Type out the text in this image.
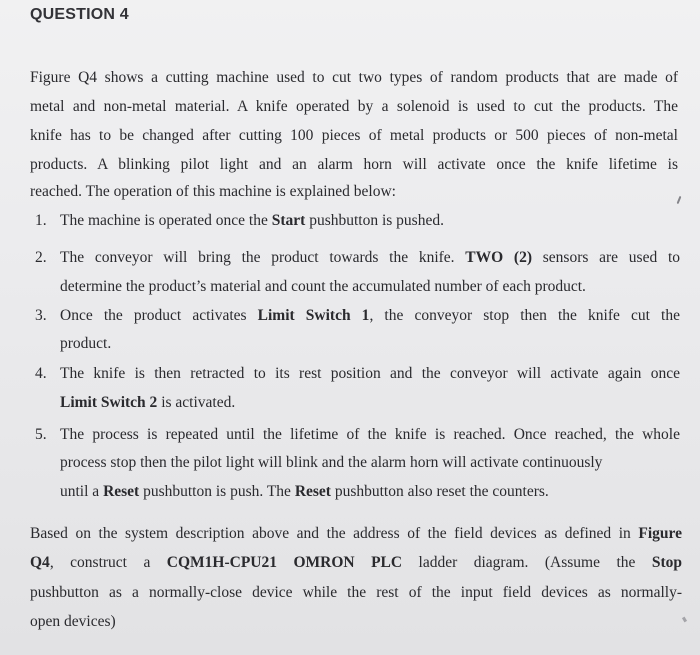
QUESTION 4
Figure Q4 shows a cutting machine used to cut two types of random products that are made of
metal and non-metal material. A knife operated by a solenoid is used to cut the products. The
knife has to be changed after cutting 100 pieces of metal products or 500 pieces of non-metal
products. A blinking pilot light and an alarm horn will activate once the knife lifetime is
reached. The operation of this machine is explained below:
1. The machine is operated once the Start pushbutton is pushed.
2. The conveyor will bring the product towards the knife. TWO (2) sensors are used to
determine the product’s material and count the accumulated number of each product.
3. Once the product activates Limit Switch 1, the conveyor stop then the knife cut the
product.
4. The knife is then retracted to its rest position and the conveyor will activate again once
Limit Switch 2 is activated.
5. The process is repeated until the lifetime of the knife is reached. Once reached, the whole
process stop then the pilot light will blink and the alarm horn will activate continuously
until a Reset pushbutton is push. The Reset pushbutton also reset the counters.
Based on the system description above and the address of the field devices as defined in Figure
Q4, construct a CQM1H-CPU21 OMRON PLC ladder diagram. (Assume the Stop
pushbutton as a normally-close device while the rest of the input field devices as normally-
open devices)
